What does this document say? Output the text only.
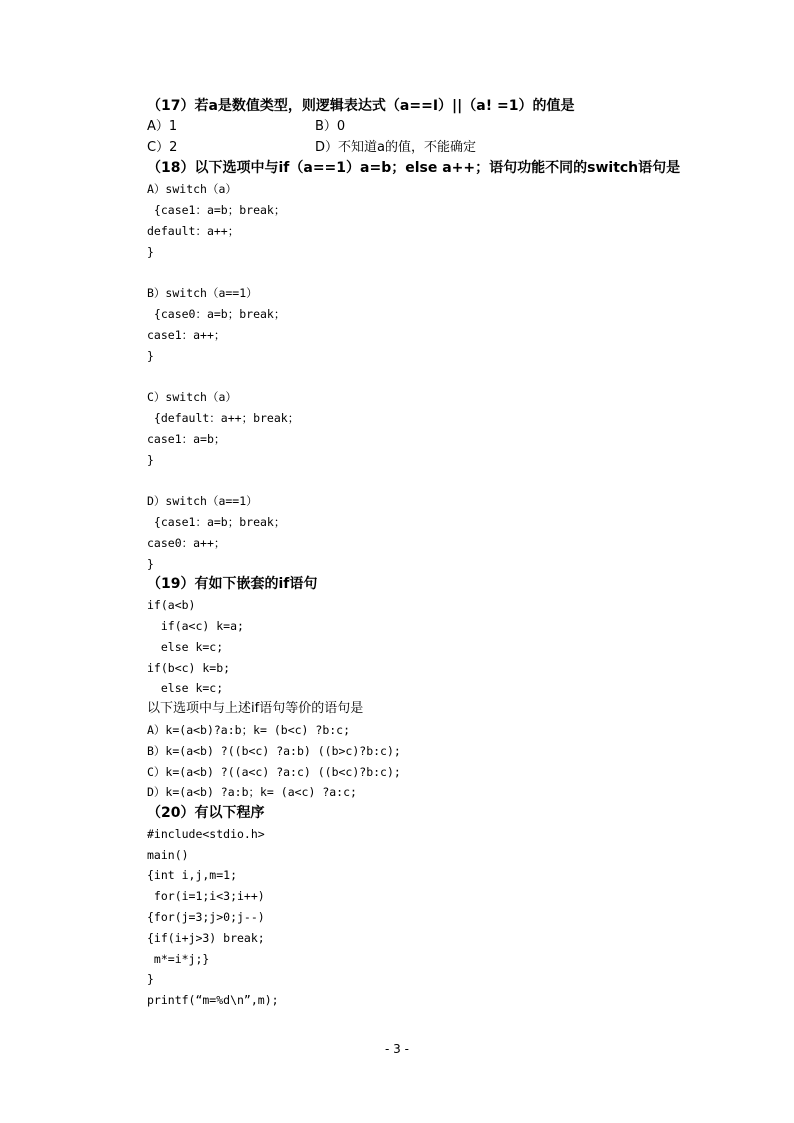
（17）若a是数值类型，则逻辑表达式（a==I）||（a! =1）的值是
A）1	B）0
C）2	D）不知道a的值，不能确定
（18）以下选项中与if（a==1）a=b；else a++；语句功能不同的switch语句是
A）switch（a）
{case1：a=b；break；
default：a++；
}
B）switch（a==1）
{case0：a=b；break；
case1：a++；
}
C）switch（a）
{default：a++；break；
case1：a=b；
}
D）switch（a==1）
{case1：a=b；break；
case0：a++；
}
（19）有如下嵌套的if语句
if(a<b)
if(a<c) k=a;
else k=c;
if(b<c) k=b;
else k=c;
以下选项中与上述if语句等价的语句是
A）k=(a<b)?a:b；k= (b<c) ?b:c;
B）k=(a<b) ?((b<c) ?a:b) ((b>c)?b:c);
C）k=(a<b) ?((a<c) ?a:c) ((b<c)?b:c);
D）k=(a<b) ?a:b；k= (a<c) ?a:c;
（20）有以下程序
#include<stdio.h>
main()
{int i,j,m=1;
for(i=1;i<3;i++)
{for(j=3;j>0;j--)
{if(i+j>3) break;
m*=i*j;}
}
printf(“m=%d\n”,m);
- 3 -
